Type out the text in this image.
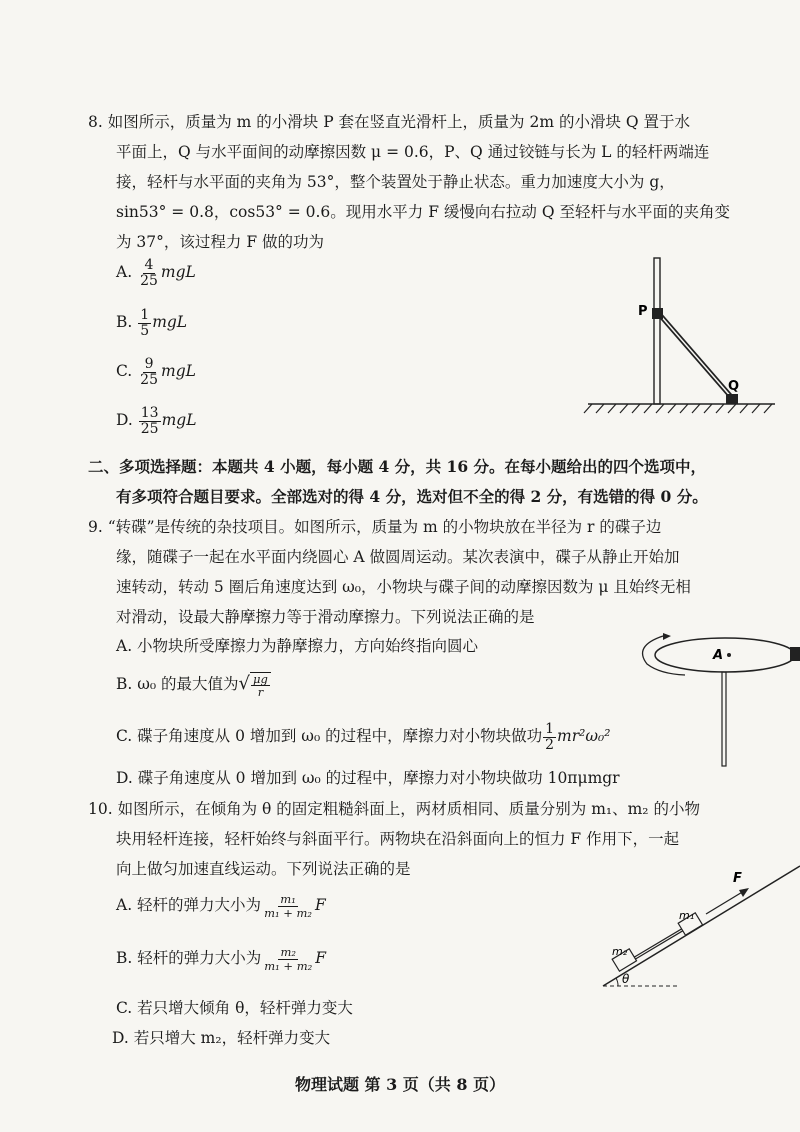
8. 如图所示，质量为 m 的小滑块 P 套在竖直光滑杆上，质量为 2m 的小滑块 Q 置于水
平面上，Q 与水平面间的动摩擦因数 μ = 0.6，P、Q 通过铰链与长为 L 的轻杆两端连
接，轻杆与水平面的夹角为 53°，整个装置处于静止状态。重力加速度大小为 g，
sin53° = 0.8，cos53° = 0.6。现用水平力 F 缓慢向右拉动 Q 至轻杆与水平面的夹角变
为 37°，该过程力 F 做的功为
A. $\frac{4}{25}$ mgL
B. $\frac{1}{5}$ mgL
C. $\frac{9}{25}$ mgL
D. $\frac{13}{25}$ mgL
P
Q
二、多项选择题：本题共 4 小题，每小题 4 分，共 16 分。在每小题给出的四个选项中，
有多项符合题目要求。全部选对的得 4 分，选对但不全的得 2 分，有选错的得 0 分。
9. “转碟”是传统的杂技项目。如图所示，质量为 m 的小物块放在半径为 r 的碟子边
缘，随碟子一起在水平面内绕圆心 A 做圆周运动。某次表演中，碟子从静止开始加
速转动，转动 5 圈后角速度达到 ω₀，小物块与碟子间的动摩擦因数为 μ 且始终无相
对滑动，设最大静摩擦力等于滑动摩擦力。下列说法正确的是
A. 小物块所受摩擦力为静摩擦力，方向始终指向圆心
B. ω₀ 的最大值为√ $\frac{\mu g}{r}$
C. 碟子角速度从 0 增加到 ω₀ 的过程中，摩擦力对小物块做功 $\frac{1}{2} mr^2\omega_0^2$
D. 碟子角速度从 0 增加到 ω₀ 的过程中，摩擦力对小物块做功 10πμmgr
A
10. 如图所示，在倾角为 θ 的固定粗糙斜面上，两材质相同、质量分别为 m₁、m₂ 的小物
块用轻杆连接，轻杆始终与斜面平行。两物块在沿斜面向上的恒力 F 作用下，一起
向上做匀加速直线运动。下列说法正确的是
A. 轻杆的弹力大小为 $\frac{\text{m₁}}{\text{m₁ + m₂}}$ F
B. 轻杆的弹力大小为 $\frac{\text{m₂}}{\text{m₁ + m₂}}$ F
C. 若只增大倾角 θ，轻杆弹力变大
D. 若只增大 m₂，轻杆弹力变大
θ
F
m₁
m₂
物理试题 第 3 页（共 8 页）
